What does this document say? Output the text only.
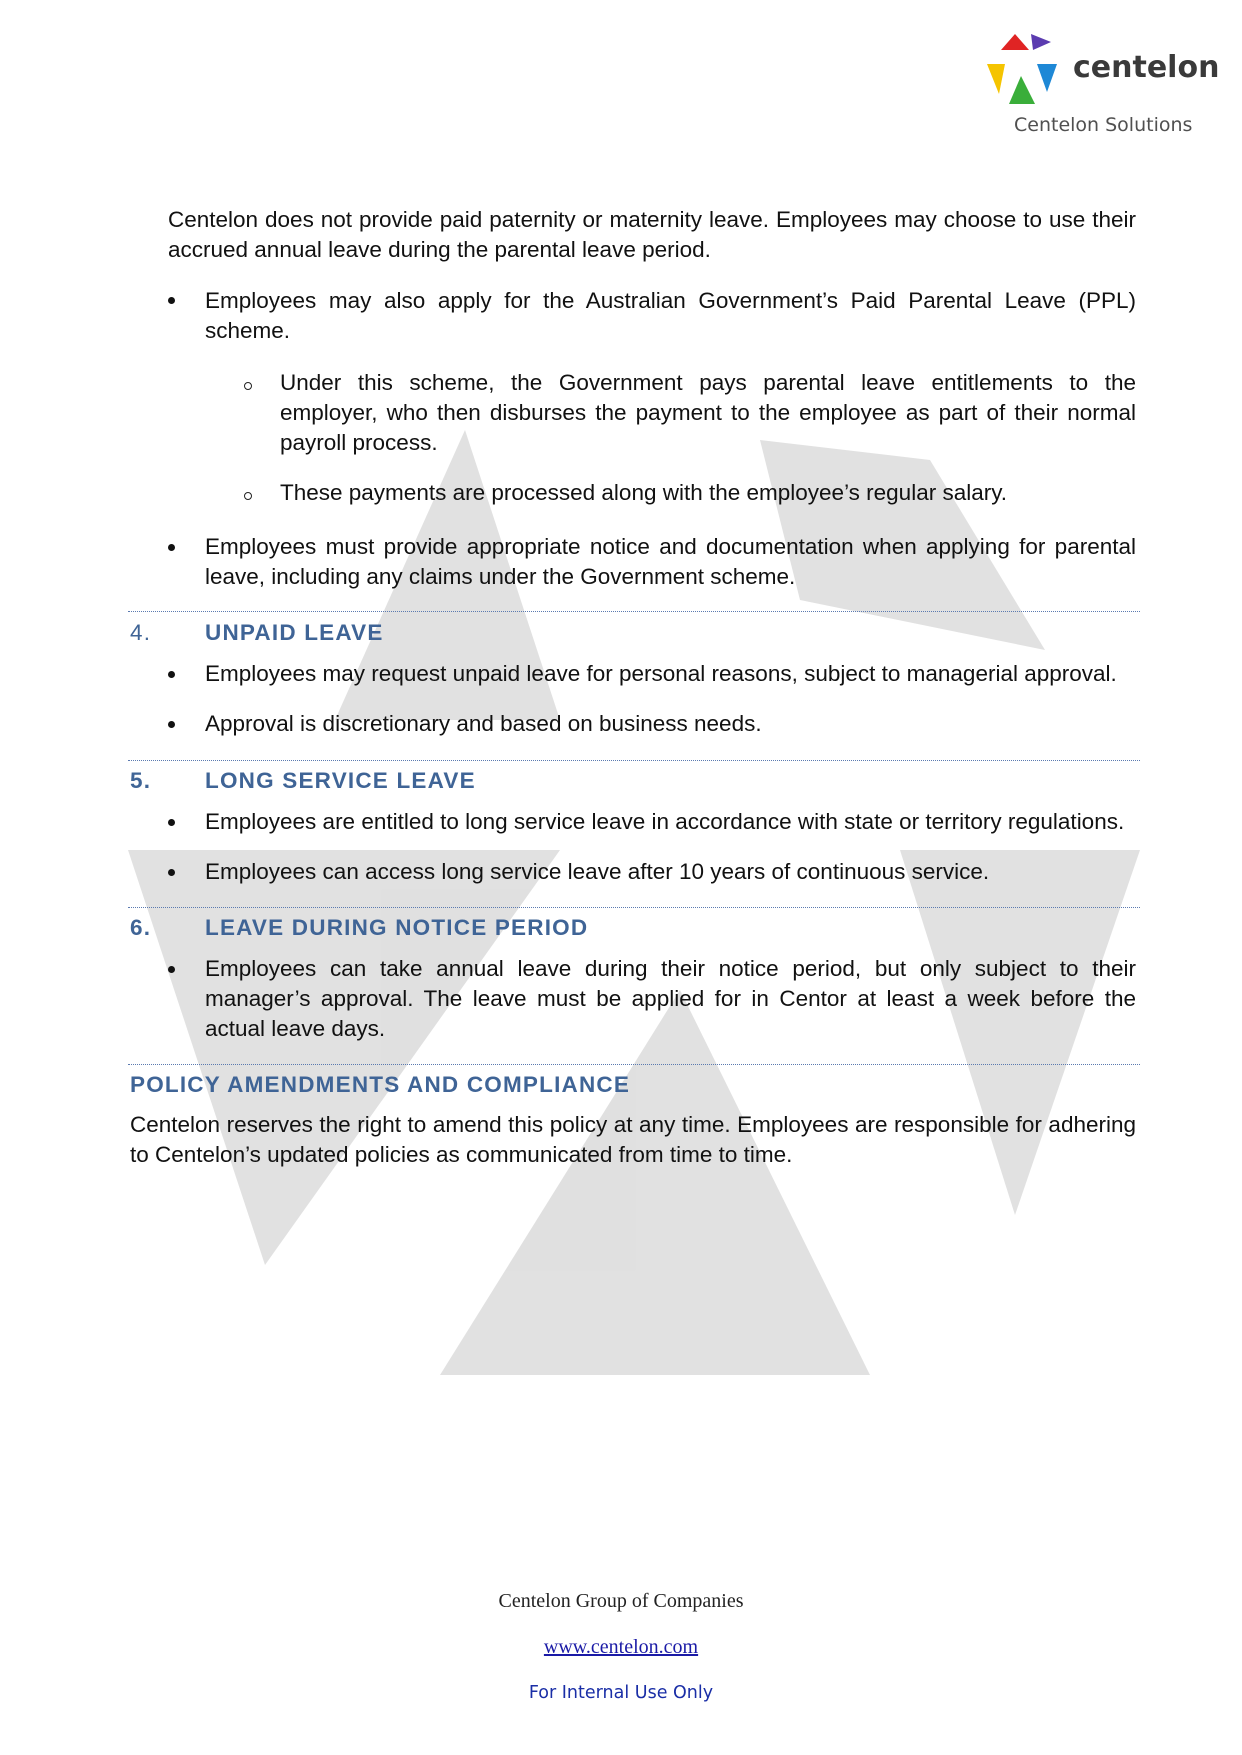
centelon
Centelon Solutions

Centelon does not provide paid paternity or maternity leave. Employees may choose to use their accrued annual leave during the parental leave period.

Employees may also apply for the Australian Government’s Paid Parental Leave (PPL) scheme.

Under this scheme, the Government pays parental leave entitlements to the employer, who then disburses the payment to the employee as part of their normal payroll process.

These payments are processed along with the employee’s regular salary.

Employees must provide appropriate notice and documentation when applying for parental leave, including any claims under the Government scheme.

4. UNPAID LEAVE

Employees may request unpaid leave for personal reasons, subject to managerial approval.

Approval is discretionary and based on business needs.

5. LONG SERVICE LEAVE

Employees are entitled to long service leave in accordance with state or territory regulations.

Employees can access long service leave after 10 years of continuous service.

6. LEAVE DURING NOTICE PERIOD

Employees can take annual leave during their notice period, but only subject to their manager’s approval. The leave must be applied for in Centor at least a week before the actual leave days.

POLICY AMENDMENTS AND COMPLIANCE

Centelon reserves the right to amend this policy at any time. Employees are responsible for adhering to Centelon’s updated policies as communicated from time to time.

Centelon Group of Companies
www.centelon.com
For Internal Use Only
